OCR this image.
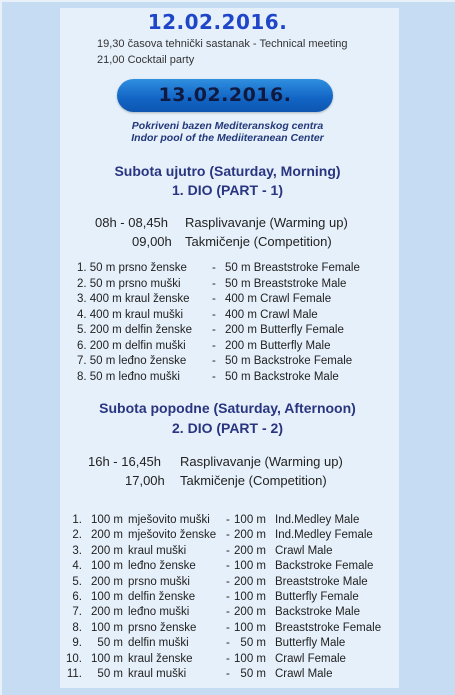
12.02.2016.
19,30 časova tehnički sastanak - Technical meeting
21,00 Cocktail party
13.02.2016.
Pokriveni bazen Mediteranskog centra
Indor pool of the Mediiteranean Center
Subota ujutro (Saturday, Morning)
1. DIO (PART - 1)
08h - 08,45h Rasplivavanje (Warming up)
09,00h Takmičenje (Competition)
1. 50 m prsno ženske - 50 m Breaststroke Female
2. 50 m prsno muški	- 50 m Breaststroke Male
3. 400 m kraul ženske - 400 m Crawl Female
4. 400 m kraul muški	- 400 m Crawl Male
5. 200 m delfin ženske - 200 m Butterfly Female
6. 200 m delfin muški - 200 m Butterfly Male
7. 50 m leđno ženske - 50 m Backstroke Female
8. 50 m leđno muški	- 50 m Backstroke Male
Subota popodne (Saturday, Afternoon)
2. DIO (PART - 2)
16h - 16,45h Rasplivavanje (Warming up)
17,00h Takmičenje (Competition)
1. 100 m mješovito muški - 100 m Ind.Medley Male
2. 200 m mješovito ženske - 200 m Ind.Medley Female
3. 200 m kraul muški	- 200 m Crawl Male
4. 100 m leđno ženske	- 100 m Backstroke Female
5. 200 m prsno muški	- 200 m Breaststroke Male
6. 100 m delfin ženske	- 100 m Butterfly Female
7. 200 m leđno muški	- 200 m Backstroke Male
8. 100 m prsno ženske	- 100 m Breaststroke Female
9. 50 m delfin muški	- 50 m Butterfly Male
10. 100 m kraul ženske	- 100 m Crawl Female
11. 50 m kraul muški	- 50 m Crawl Male
